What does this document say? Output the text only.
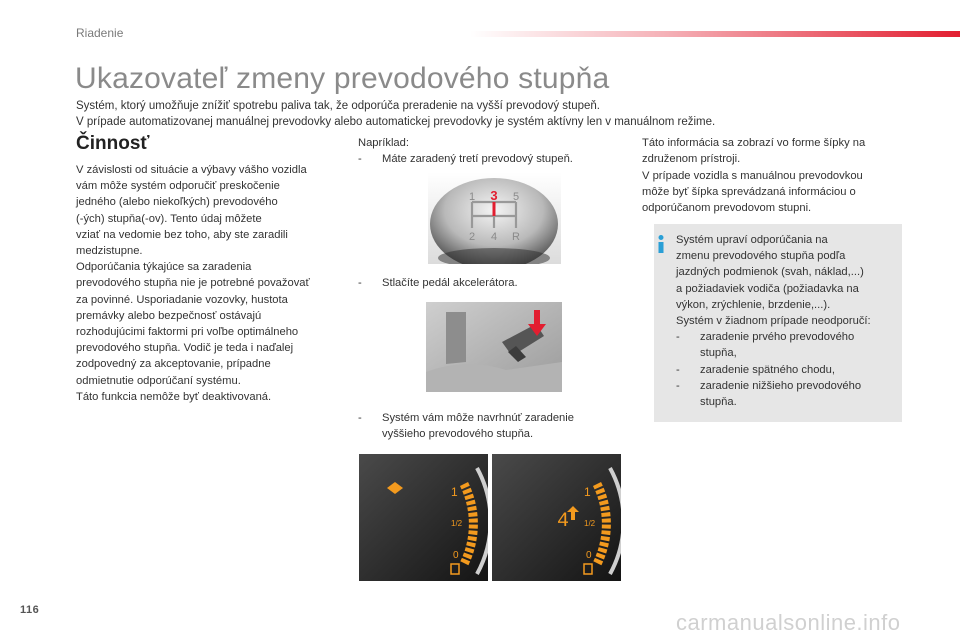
Riadenie
Ukazovateľ zmeny prevodového stupňa
Systém, ktorý umožňuje znížiť spotrebu paliva tak, že odporúča preradenie na vyšší prevodový stupeň.
V prípade automatizovanej manuálnej prevodovky alebo automatickej prevodovky je systém aktívny len v manuálnom režime.
Činnosť
V závislosti od situácie a výbavy vášho vozidla
vám môže systém odporučiť preskočenie
jedného (alebo niekoľkých) prevodového
(-ých) stupňa(-ov). Tento údaj môžete
vziať na vedomie bez toho, aby ste zaradili
medzistupne.
Odporúčania týkajúce sa zaradenia
prevodového stupňa nie je potrebné považovať
za povinné. Usporiadanie vozovky, hustota
premávky alebo bezpečnosť ostávajú
rozhodujúcimi faktormi pri voľbe optimálneho
prevodového stupňa. Vodič je teda i naďalej
zodpovedný za akceptovanie, prípadne
odmietnutie odporúčaní systému.
Táto funkcia nemôže byť deaktivovaná.
Napríklad:
- Máte zaradený tretí prevodový stupeň.
1 3 5
2 4 R
- Stlačíte pedál akcelerátora.
- Systém vám môže navrhnúť zaradenie
vyššieho prevodového stupňa.
1
1/2
0
4
1
1/2
0
Táto informácia sa zobrazí vo forme šípky na
združenom prístroji.
V prípade vozidla s manuálnou prevodovkou
môže byť šípka sprevádzaná informáciou o
odporúčanom prevodovom stupni.
Systém upraví odporúčania na
zmenu prevodového stupňa podľa
jazdných podmienok (svah, náklad,...)
a požiadaviek vodiča (požiadavka na
výkon, zrýchlenie, brzdenie,...).
Systém v žiadnom prípade neodporučí:
- zaradenie prvého prevodového
stupňa,
- zaradenie spätného chodu,
- zaradenie nižšieho prevodového
stupňa.
116	carmanualsonline.info
